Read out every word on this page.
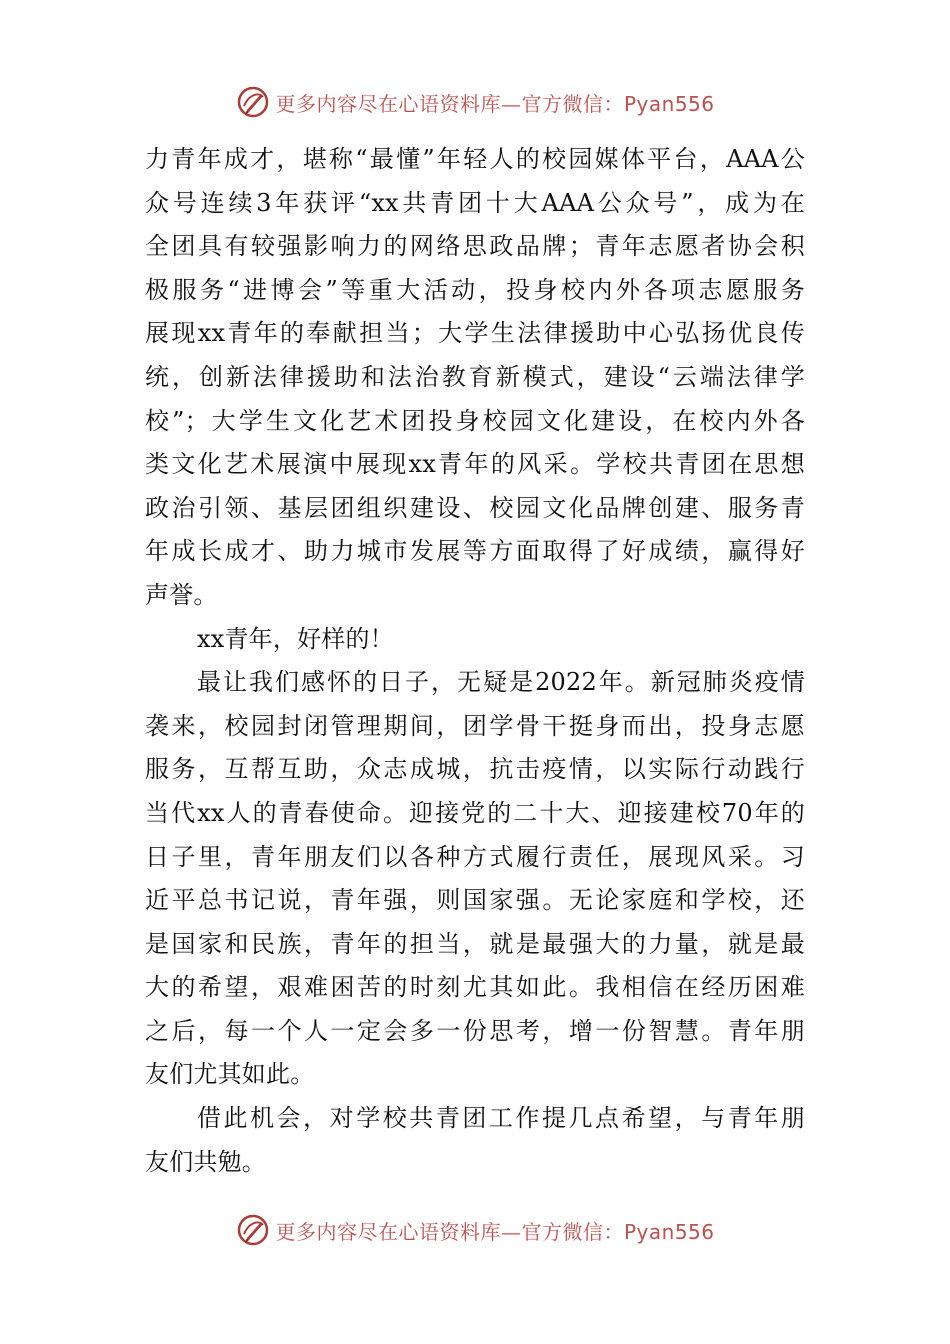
更多内容尽在心语资料库—官方微信：Pyan556
力青年成才，堪称“最懂”年轻人的校园媒体平台，AAA公
众号连续3年获评“xx共青团十大AAA公众号”，成为在
全团具有较强影响力的网络思政品牌；青年志愿者协会积
极服务“进博会”等重大活动，投身校内外各项志愿服务
展现xx青年的奉献担当；大学生法律援助中心弘扬优良传
统，创新法律援助和法治教育新模式，建设“云端法律学
校”；大学生文化艺术团投身校园文化建设，在校内外各
类文化艺术展演中展现xx青年的风采。学校共青团在思想
政治引领、基层团组织建设、校园文化品牌创建、服务青
年成长成才、助力城市发展等方面取得了好成绩，赢得好
声誉。
xx青年，好样的！
最让我们感怀的日子，无疑是2022年。新冠肺炎疫情
袭来，校园封闭管理期间，团学骨干挺身而出，投身志愿
服务，互帮互助，众志成城，抗击疫情，以实际行动践行
当代xx人的青春使命。迎接党的二十大、迎接建校70年的
日子里，青年朋友们以各种方式履行责任，展现风采。习
近平总书记说，青年强，则国家强。无论家庭和学校，还
是国家和民族，青年的担当，就是最强大的力量，就是最
大的希望，艰难困苦的时刻尤其如此。我相信在经历困难
之后，每一个人一定会多一份思考，增一份智慧。青年朋
友们尤其如此。
借此机会，对学校共青团工作提几点希望，与青年朋
友们共勉。
更多内容尽在心语资料库—官方微信：Pyan556
